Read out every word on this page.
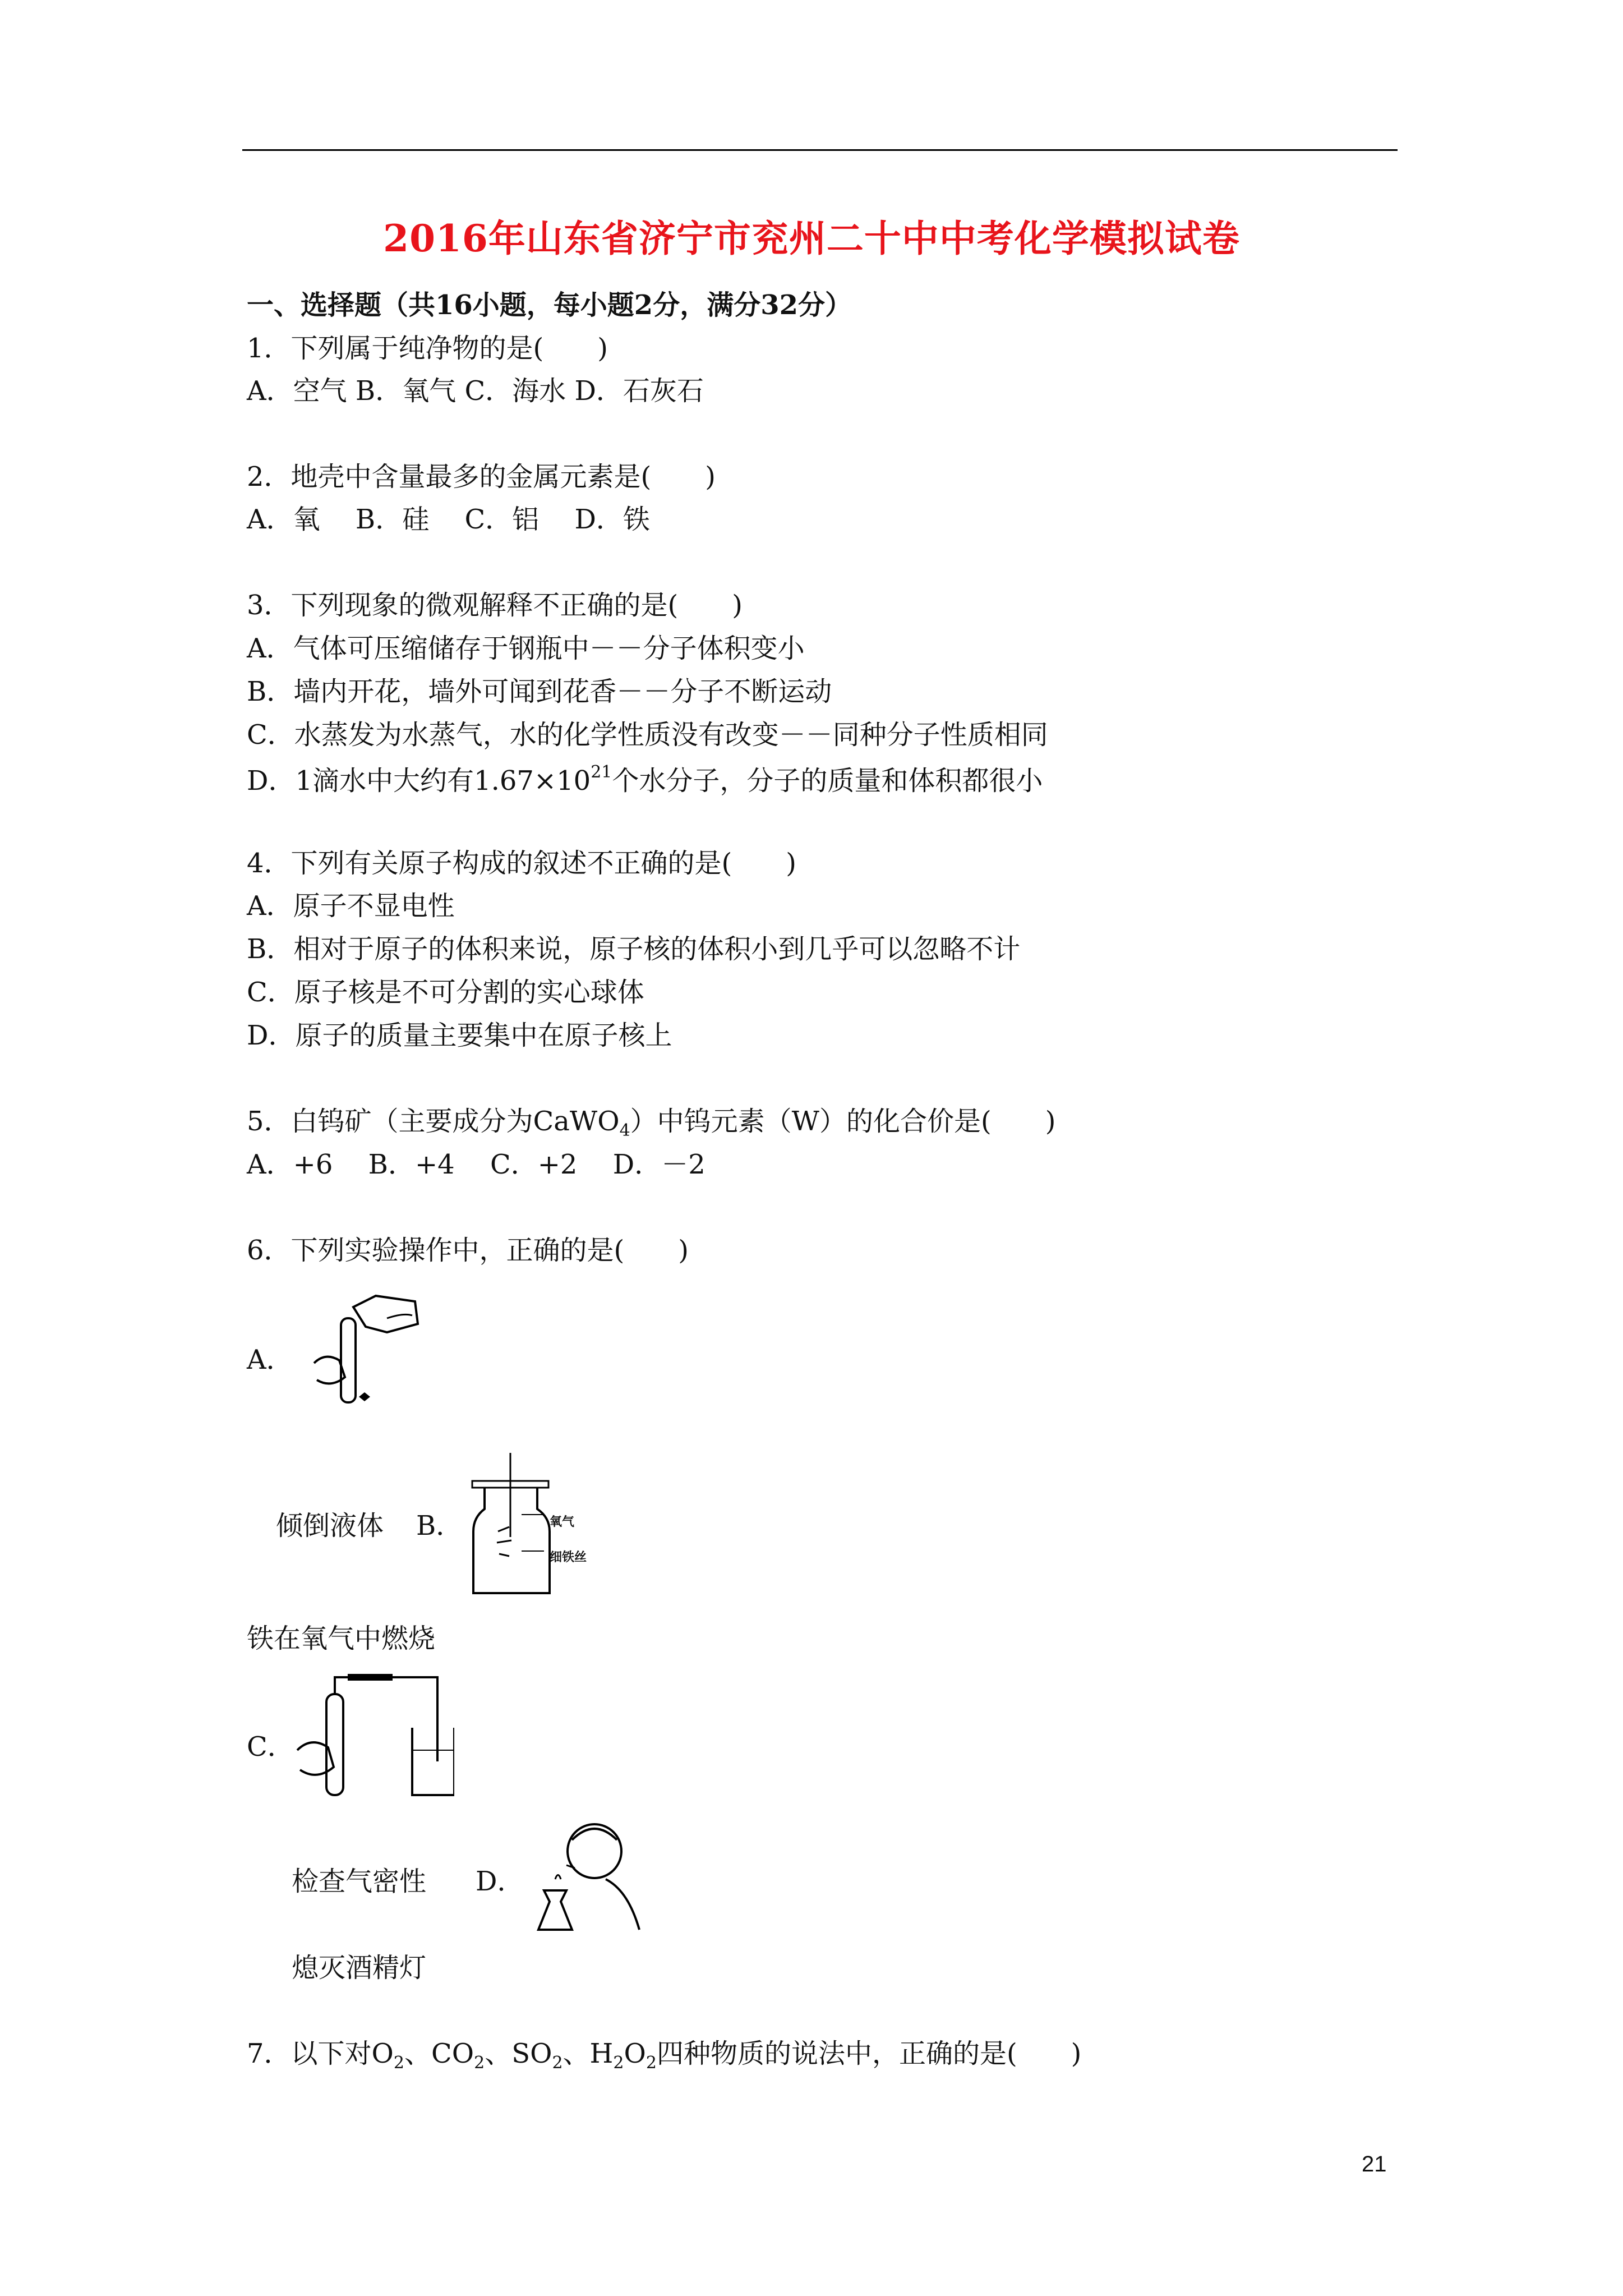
2016年山东省济宁市兖州二十中中考化学模拟试卷
一、选择题（共16小题，每小题2分，满分32分）
1．下列属于纯净物的是(　　)
A．空气 B．氧气 C．海水 D．石灰石
2．地壳中含量最多的金属元素是(　　)
A．氧　 B．硅　 C．铝　 D．铁
3．下列现象的微观解释不正确的是(　　)
A．气体可压缩储存于钢瓶中－－分子体积变小
B．墙内开花，墙外可闻到花香－－分子不断运动
C．水蒸发为水蒸气，水的化学性质没有改变－－同种分子性质相同
D．1滴水中大约有$1.67\times 10^{21}$个水分子，分子的质量和体积都很小
4．下列有关原子构成的叙述不正确的是(　　)
A．原子不显电性
B．相对于原子的体积来说，原子核的体积小到几乎可以忽略不计
C．原子核是不可分割的实心球体
D．原子的质量主要集中在原子核上
5．白钨矿（主要成分为CaWO$_4$）中钨元素（W）的化合价是(　　)
A．+6　 B．+4　 C．+2　 D．－2
6．下列实验操作中，正确的是(　　)
A．
倾倒液体 B．	氧气
细铁丝
铁在氧气中燃烧
C．
检查气密性 D．
熄灭酒精灯
7．以下对$O_2$、$CO_2$、$SO_2$、$H_2O_2$四种物质的说法中，正确的是(　　)
21
